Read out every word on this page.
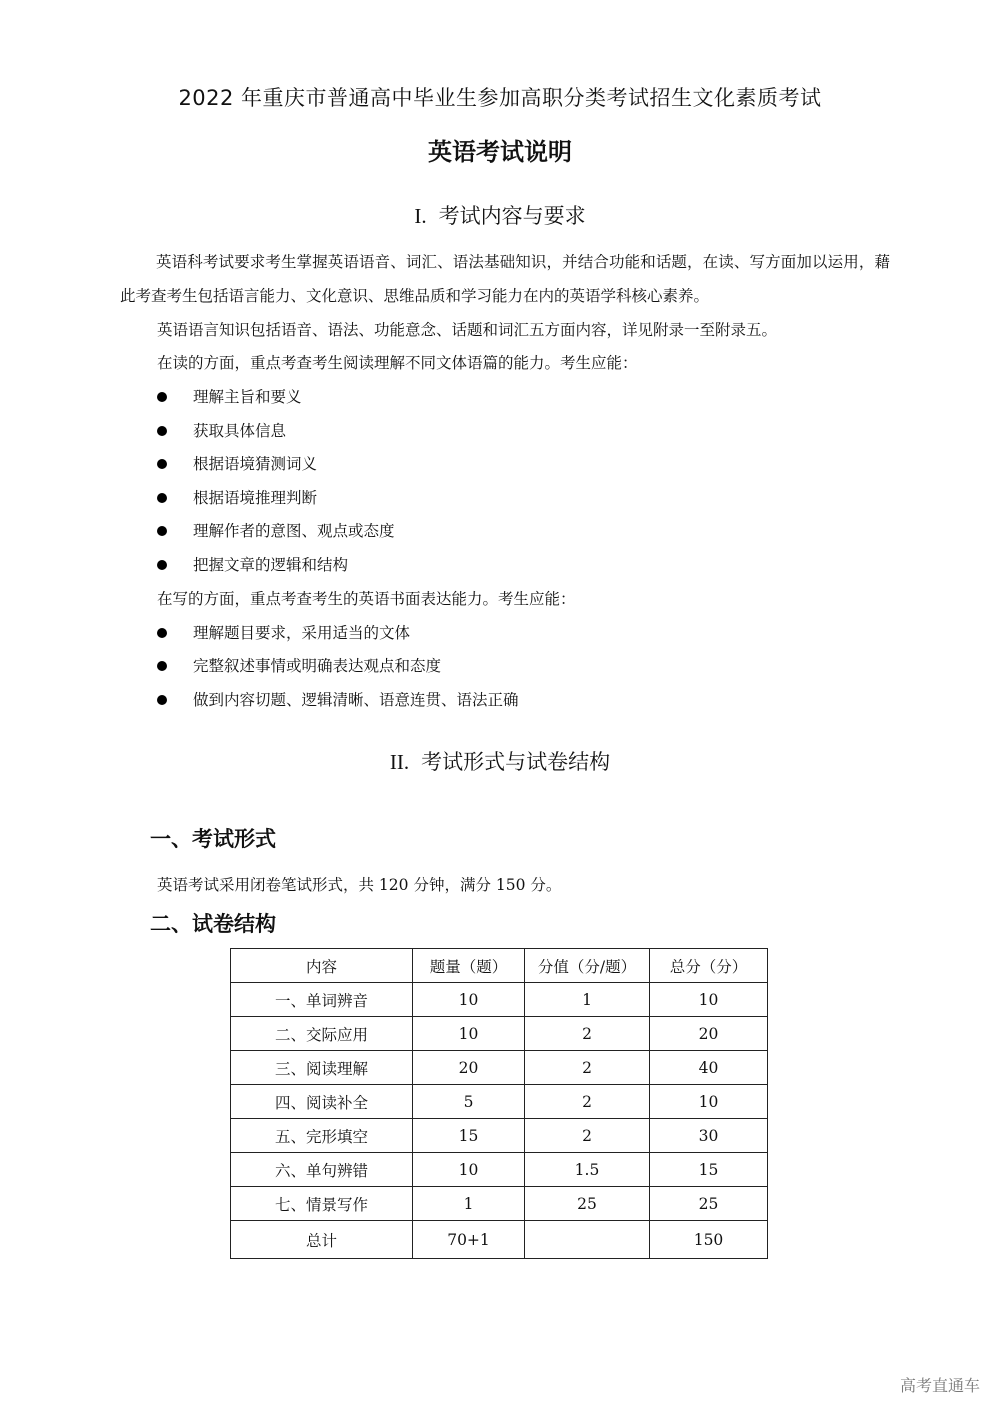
2022 年重庆市普通高中毕业生参加高职分类考试招生文化素质考试
英语考试说明
I. 考试内容与要求
英语科考试要求考生掌握英语语音、词汇、语法基础知识，并结合功能和话题，在读、写方面加以运用，藉此考查考生包括语言能力、文化意识、思维品质和学习能力在内的英语学科核心素养。
英语语言知识包括语音、语法、功能意念、话题和词汇五方面内容，详见附录一至附录五。
在读的方面，重点考查考生阅读理解不同文体语篇的能力。考生应能：
理解主旨和要义
获取具体信息
根据语境猜测词义
根据语境推理判断
理解作者的意图、观点或态度
把握文章的逻辑和结构
在写的方面，重点考查考生的英语书面表达能力。考生应能：
理解题目要求，采用适当的文体
完整叙述事情或明确表达观点和态度
做到内容切题、逻辑清晰、语意连贯、语法正确
II. 考试形式与试卷结构
一、考试形式
英语考试采用闭卷笔试形式，共 120 分钟，满分 150 分。
二、试卷结构
内容	题量（题）	分值（分/题）	总分（分）
一、单词辨音	10	1	10
二、交际应用	10	2	20
三、阅读理解	20	2	40
四、阅读补全	5	2	10
五、完形填空	15	2	30
六、单句辨错	10	1.5	15
七、情景写作	1	25	25
总计	70+1		150
高考直通车
